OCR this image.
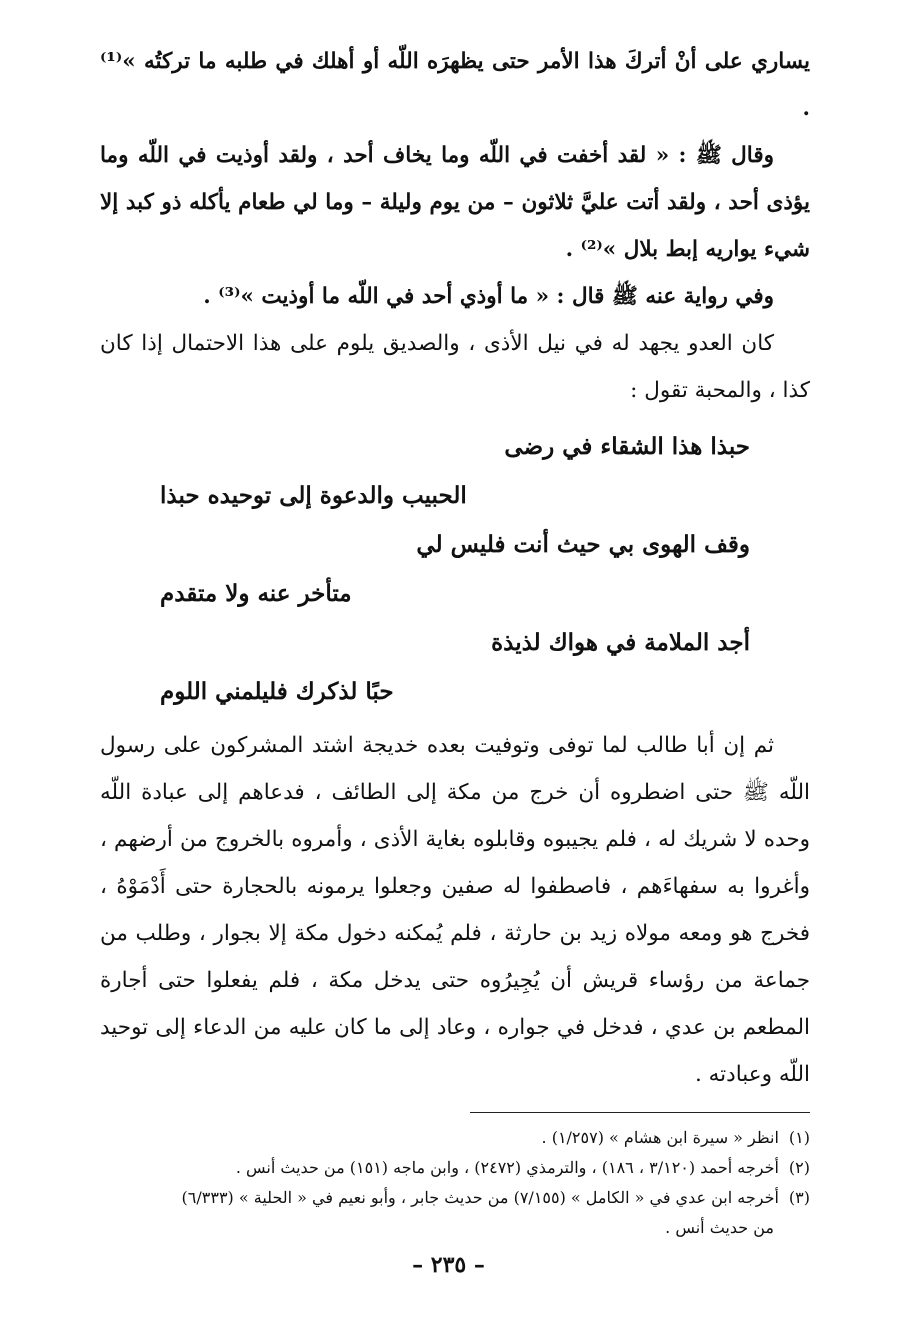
يساري على أنْ أتركَ هذا الأمر حتى يظهرَه اللّه أو أهلك في طلبه ما تركتُه »⁽¹⁾ .

وقال ﷺ : « لقد أخفت في اللّه وما يخاف أحد ، ولقد أوذيت في اللّه وما يؤذى أحد ، ولقد أتت عليَّ ثلاثون – من يوم وليلة – وما لي طعام يأكله ذو كبد إلا شيء يواريه إبط بلال »⁽²⁾ .

وفي رواية عنه ﷺ قال : « ما أوذي أحد في اللّه ما أوذيت »⁽³⁾ .

كان العدو يجهد له في نيل الأذى ، والصديق يلوم على هذا الاحتمال إذا كان كذا ، والمحبة تقول :

حبذا هذا الشقاء في رضى
الحبيب والدعوة إلى توحيده حبذا
وقف الهوى بي حيث أنت فليس لي
متأخر عنه ولا متقدم
أجد الملامة في هواك لذيذة
حبًا لذكرك فليلمني اللوم

ثم إن أبا طالب لما توفى وتوفيت بعده خديجة اشتد المشركون على رسول اللّه ﷺ حتى اضطروه أن خرج من مكة إلى الطائف ، فدعاهم إلى عبادة اللّه وحده لا شريك له ، فلم يجيبوه وقابلوه بغاية الأذى ، وأمروه بالخروج من أرضهم ، وأغروا به سفهاءَهم ، فاصطفوا له صفين وجعلوا يرمونه بالحجارة حتى أَدْمَوْهُ ، فخرج هو ومعه مولاه زيد بن حارثة ، فلم يُمكنه دخول مكة إلا بجوار ، وطلب من جماعة من رؤساء قريش أن يُجِيرُوه حتى يدخل مكة ، فلم يفعلوا حتى أجارة المطعم بن عدي ، فدخل في جواره ، وعاد إلى ما كان عليه من الدعاء إلى توحيد اللّه وعبادته .

(١)انظر « سيرة ابن هشام » (١/٢٥٧) .

(٢)أخرجه أحمد (٣/١٢٠ ، ١٨٦) ، والترمذي (٢٤٧٢) ، وابن ماجه (١٥١) من حديث أنس .

(٣)أخرجه ابن عدي في « الكامل » (٧/١٥٥) من حديث جابر ، وأبو نعيم في « الحلية » (٦/٣٣٣)

من حديث أنس .

– ٢٣٥ –
